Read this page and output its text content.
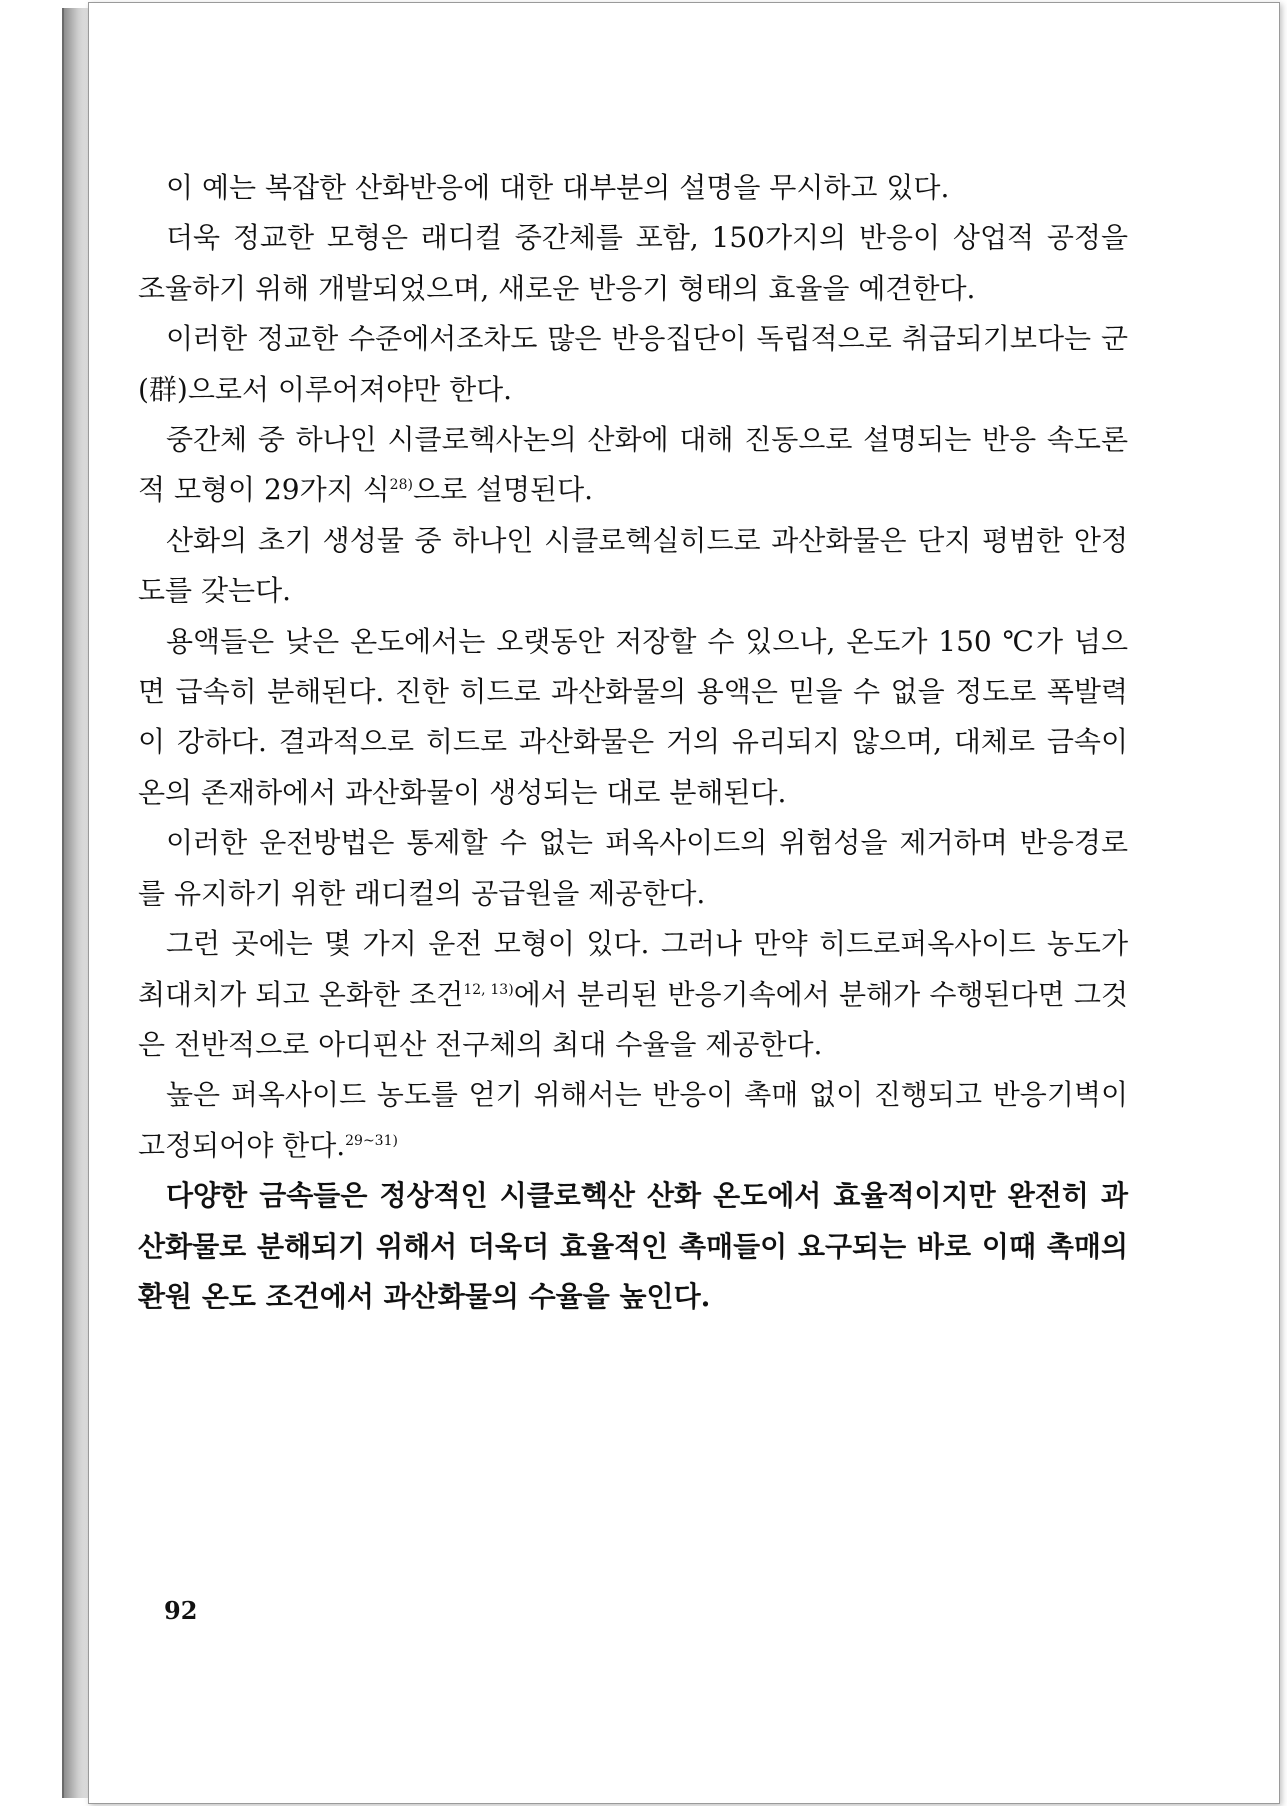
이 예는 복잡한 산화반응에 대한 대부분의 설명을 무시하고 있다.

더욱 정교한 모형은 래디컬 중간체를 포함, 150가지의 반응이 상업적 공정을 조율하기 위해 개발되었으며, 새로운 반응기 형태의 효율을 예견한다.

이러한 정교한 수준에서조차도 많은 반응집단이 독립적으로 취급되기보다는 군(群)으로서 이루어져야만 한다.

중간체 중 하나인 시클로헥사논의 산화에 대해 진동으로 설명되는 반응 속도론적 모형이 29가지 식$^{28)}$으로 설명된다.

산화의 초기 생성물 중 하나인 시클로헥실히드로 과산화물은 단지 평범한 안정도를 갖는다.

용액들은 낮은 온도에서는 오랫동안 저장할 수 있으나, 온도가 150 ℃가 넘으면 급속히 분해된다. 진한 히드로 과산화물의 용액은 믿을 수 없을 정도로 폭발력이 강하다. 결과적으로 히드로 과산화물은 거의 유리되지 않으며, 대체로 금속이온의 존재하에서 과산화물이 생성되는 대로 분해된다.

이러한 운전방법은 통제할 수 없는 퍼옥사이드의 위험성을 제거하며 반응경로를 유지하기 위한 래디컬의 공급원을 제공한다.

그런 곳에는 몇 가지 운전 모형이 있다. 그러나 만약 히드로퍼옥사이드 농도가 최대치가 되고 온화한 조건$^{12, 13)}$에서 분리된 반응기속에서 분해가 수행된다면 그것은 전반적으로 아디핀산 전구체의 최대 수율을 제공한다.

높은 퍼옥사이드 농도를 얻기 위해서는 반응이 촉매 없이 진행되고 반응기벽이 고정되어야 한다.$^{29\sim 31)}$

다양한 금속들은 정상적인 시클로헥산 산화 온도에서 효율적이지만 완전히 과산화물로 분해되기 위해서 더욱더 효율적인 촉매들이 요구되는 바로 이때 촉매의 환원 온도 조건에서 과산화물의 수율을 높인다.

92
